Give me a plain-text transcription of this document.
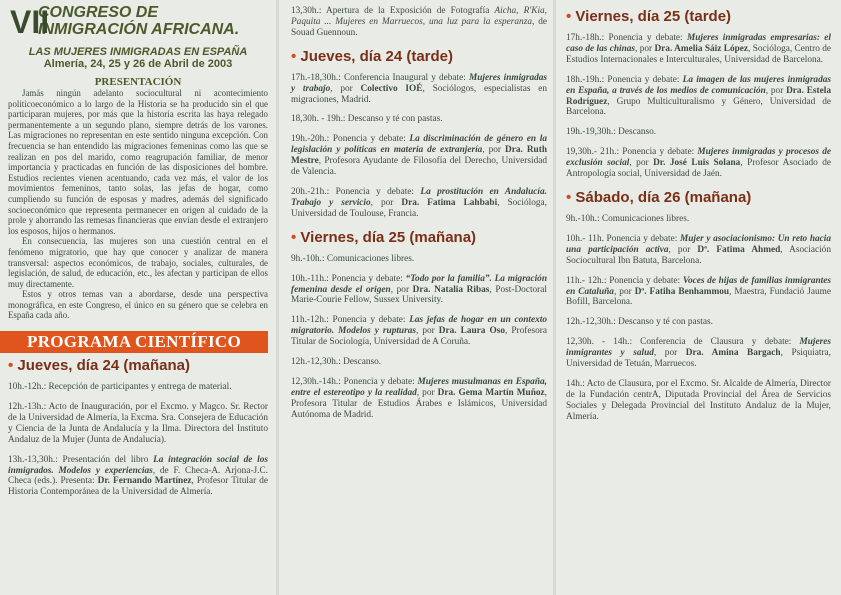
VII
CONGRESO DE INMIGRACIÓN AFRICANA.
LAS MUJERES INMIGRADAS EN ESPAÑA
Almería, 24, 25 y 26 de Abril de 2003
PRESENTACIÓN

Jamás ningún adelanto sociocultural ni acontecimiento politicoeconómico a lo largo de la Historia se ha producido sin el que participaran mujeres, por más que la historia escrita las haya relegado permanentemente a un segundo plano, siempre detrás de los varones. Las migraciones no representan en este sentido ninguna excepción. Con frecuencia se han entendido las migraciones femeninas como las que se realizan en pos del marido, como reagrupación familiar, de menor importancia y practicadas en función de las disposiciones del hombre. Estudios recientes vienen acentuando, cada vez más, el valor de los movimientos femeninos, tanto solas, las jefas de hogar, como cumpliendo su función de esposas y madres, además del significado socioeconómico que representa permanecer en origen al cuidado de la prole y ahorrando las remesas financieras que envían desde el extranjero los esposos, hijos o hermanos.

En consecuencia, las mujeres son una cuestión central en el fenómeno migratorio, que hay que conocer y analizar de manera transversal: aspectos económicos, de trabajo, sociales, culturales, de legislación, de salud, de educación, etc., les afectan y participan de ellos muy directamente.

Estos y otros temas van a abordarse, desde una perspectiva monográfica, en este Congreso, el único en su género que se celebra en España cada año.

PROGRAMA CIENTÍFICO
• Jueves, día 24 (mañana)
10h.-12h.: Recepción de participantes y entrega de material.
12h.-13h.: Acto de Inauguración, por el Excmo. y Magco. Sr. Rector de la Universidad de Almería, la Excma. Sra. Consejera de Educación y Ciencia de la Junta de Andalucía y la Ilma. Directora del Instituto Andaluz de la Mujer (Junta de Andalucía).
13h.-13,30h.: Presentación del libro La integración social de los inmigrados. Modelos y experiencias, de F. Checa-A. Arjona-J.C. Checa (eds.). Presenta: Dr. Fernando Martínez, Profesor Titular de Historia Contemporánea de la Universidad de Almería.
13,30h.: Apertura de la Exposición de Fotografía Aicha, R'Kia, Paquita ... Mujeres en Marruecos, una luz para la esperanza, de Souad Guennoun.
• Jueves, día 24 (tarde)
17h.-18,30h.: Conferencia Inaugural y debate: Mujeres inmigradas y trabajo, por Colectivo IOÉ, Sociólogos, especialistas en migraciones, Madrid.
18,30h. - 19h.: Descanso y té con pastas.
19h.-20h.: Ponencia y debate: La discriminación de género en la legislación y políticas en materia de extranjería, por Dra. Ruth Mestre, Profesora Ayudante de Filosofía del Derecho, Universidad de Valencia.
20h.-21h.: Ponencia y debate: La prostitución en Andalucía. Trabajo y servicio, por Dra. Fatima Lahbabi, Socióloga, Universidad de Toulouse, Francia.
• Viernes, día 25 (mañana)
9h.-10h.: Comunicaciones libres.
10h.-11h.: Ponencia y debate: “Todo por la familia”. La migración femenina desde el origen, por Dra. Natalia Ribas, Post-Doctoral Marie-Courie Fellow, Sussex University.
11h.-12h.: Ponencia y debate: Las jefas de hogar en un contexto migratorio. Modelos y rupturas, por Dra. Laura Oso, Profesora Titular de Sociología, Universidad de A Coruña.
12h.-12,30h.: Descanso.
12,30h.-14h.: Ponencia y debate: Mujeres musulmanas en España, entre el estereotipo y la realidad, por Dra. Gema Martín Muñoz, Profesora Titular de Estudios Árabes e Islámicos, Universidad Autónoma de Madrid.
• Viernes, día 25 (tarde)
17h.-18h.: Ponencia y debate: Mujeres inmigradas empresarias: el caso de las chinas, por Dra. Amelia Sáiz López, Socióloga, Centro de Estudios Internacionales e Interculturales, Universidad de Barcelona.
18h.-19h.: Ponencia y debate: La imagen de las mujeres inmigradas en España, a través de los medios de comunicación, por Dra. Estela Rodríguez, Grupo Multiculturalismo y Género, Universidad de Barcelona.
19h.-19,30h.: Descanso.
19,30h.- 21h.: Ponencia y debate: Mujeres inmigradas y procesos de exclusión social, por Dr. José Luis Solana, Profesor Asociado de Antropología social, Universidad de Jaén.
• Sábado, día 26 (mañana)
9h.-10h.: Comunicaciones libres.
10h.- 11h. Ponencia y debate: Mujer y asociacionismo: Un reto hacia una participación activa, por Dª. Fatima Ahmed, Asociación Sociocultural Ibn Batuta, Barcelona.
11h.- 12h.: Ponencia y debate: Voces de hijas de familias inmigrantes en Cataluña, por Dª. Fatiha Benhammou, Maestra, Fundació Jaume Bofill, Barcelona.
12h.-12,30h.: Descanso y té con pastas.
12,30h. - 14h.: Conferencia de Clausura y debate: Mujeres inmigrantes y salud, por Dra. Amina Bargach, Psiquiatra, Universidad de Tetuán, Marruecos.
14h.: Acto de Clausura, por el Excmo. Sr. Alcalde de Almería, Director de la Fundación centrA, Diputada Provincial del Área de Servicios Sociales y Delegada Provincial del Instituto Andaluz de la Mujer, Almería.
